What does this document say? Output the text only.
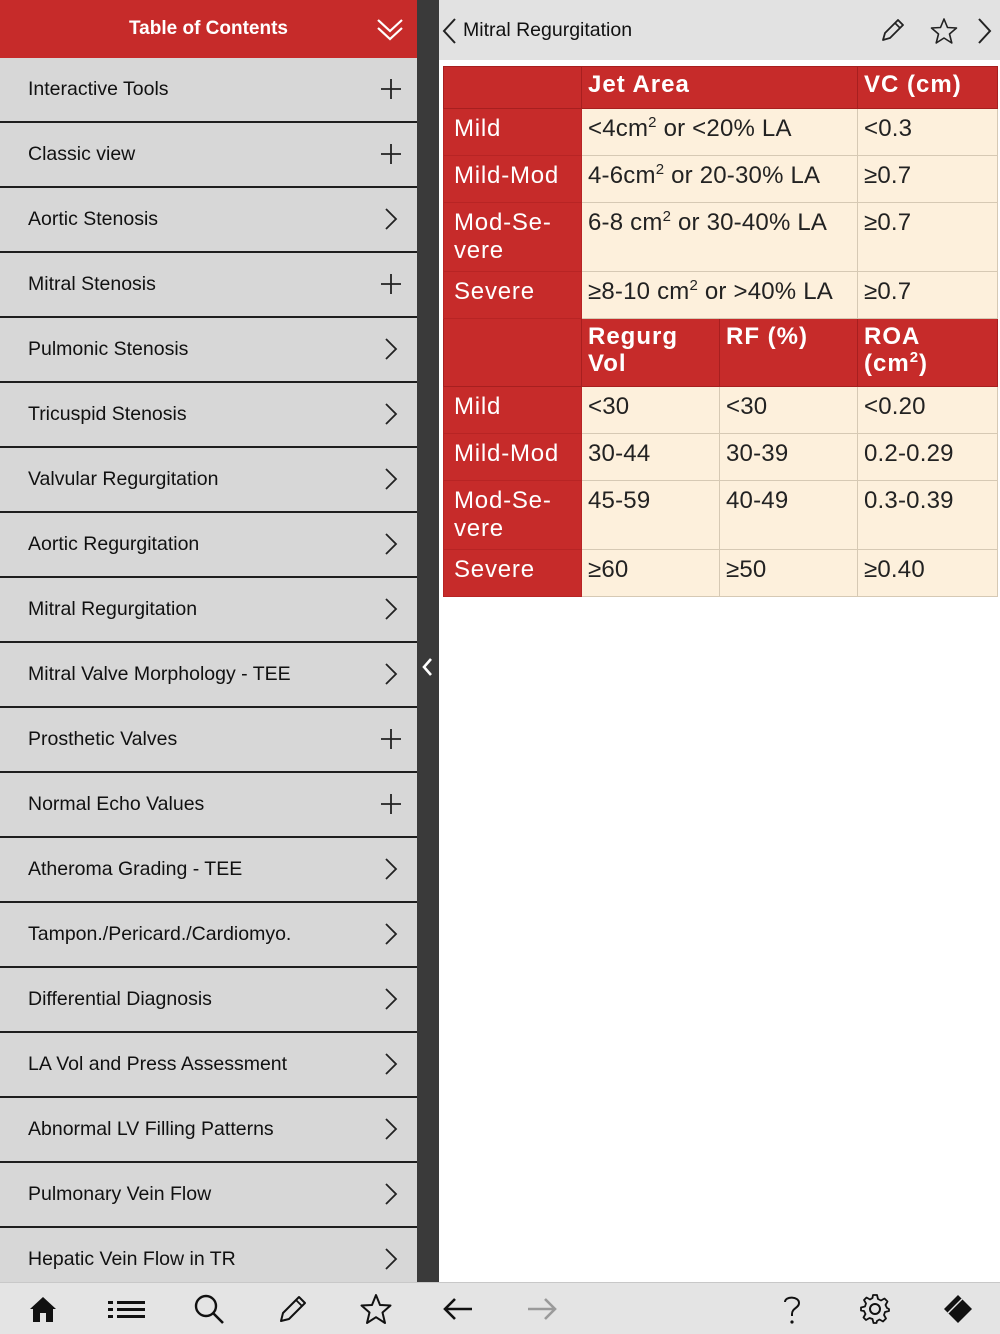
Table of Contents
Interactive Tools
Classic view
Aortic Stenosis
Mitral Stenosis
Pulmonic Stenosis
Tricuspid Stenosis
Valvular Regurgitation
Aortic Regurgitation
Mitral Regurgitation
Mitral Valve Morphology - TEE
Prosthetic Valves
Normal Echo Values
Atheroma Grading - TEE
Tampon./Pericard./Cardiomyo.
Differential Diagnosis
LA Vol and Press Assessment
Abnormal LV Filling Patterns
Pulmonary Vein Flow
Hepatic Vein Flow in TR
Mitral Regurgitation
	Jet Area		VC (cm)
Mild	$<4cm^2$ or <20% LA		<0.3
Mild-Mod	$4-6cm^2$ or 20-30% LA		≥0.7
Mod-Se-vere	6-8 $cm^2$ or 30-40% LA		≥0.7
Severe	≥8-10 $cm^2$ or >40% LA		≥0.7
	Regurg Vol	RF (%)	ROA $(cm^2)$
Mild	<30	<30	<0.20
Mild-Mod	30-44	30-39	0.2-0.29
Mod-Se-vere	45-59	40-49	0.3-0.39
Severe	≥60	≥50	≥0.40
